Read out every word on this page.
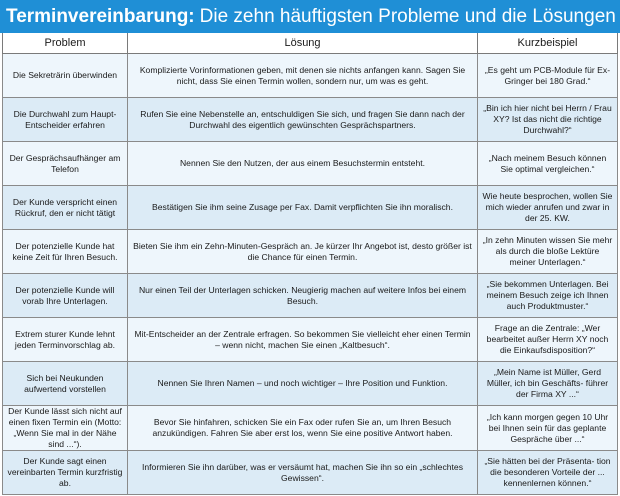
Terminvereinbarung: Die zehn häuftigsten Probleme und die Lösungen
Problem	Lösung	Kurzbeispiel
Die Sekreträrin überwinden	Komplizierte Vorinformationen geben, mit denen sie nichts anfangen kann. Sagen Sie nicht, dass Sie einen Termin wollen, sondern nur, um was es geht.	„Es geht um PCB-Module für Ex-Gringer bei 180 Grad.“
Die Durchwahl zum Haupt-Entscheider erfahren	Rufen Sie eine Nebenstelle an, entschuldigen Sie sich, und fragen Sie dann nach der Durchwahl des eigentlich gewünschten Gesprächspartners.	„Bin ich hier nicht bei Herrn / Frau XY? Ist das nicht die richtige Durchwahl?“
Der Gesprächsaufhänger am Telefon	Nennen Sie den Nutzen, der aus einem Besuchstermin entsteht.	„Nach meinem Besuch können Sie optimal vergleichen.“
Der Kunde verspricht einen Rückruf, den er nicht tätigt	Bestätigen Sie ihm seine Zusage per Fax. Damit verpflichten Sie ihn moralisch.	Wie heute besprochen, wollen Sie mich wieder anrufen und zwar in der 25. KW.
Der potenzielle Kunde hat keine Zeit für Ihren Besuch.	Bieten Sie ihm ein Zehn-Minuten-Gespräch an. Je kürzer Ihr Angebot ist, desto größer ist die Chance für einen Termin.	„In zehn Minuten wissen Sie mehr als durch die bloße Lektüre meiner Unterlagen.“
Der potenzielle Kunde will vorab Ihre Unterlagen.	Nur einen Teil der Unterlagen schicken. Neugierig machen auf weitere Infos bei einem Besuch.	„Sie bekommen Unterlagen. Bei meinem Besuch zeige ich Ihnen auch Produktmuster.“
Extrem sturer Kunde lehnt jeden Terminvorschlag ab.	Mit-Entscheider an der Zentrale erfragen. So bekommen Sie vielleicht eher einen Termin – wenn nicht, machen Sie einen „Kaltbesuch“.	Frage an die Zentrale: „Wer bearbeitet außer Herrn XY noch die Einkaufsdisposition?“
Sich bei Neukunden aufwertend vorstellen	Nennen Sie Ihren Namen – und noch wichtiger – Ihre Position und Funktion.	„Mein Name ist Müller, Gerd Müller, ich bin Geschäfts- führer der Firma XY ...“
Der Kunde lässt sich nicht auf einen fixen Termin ein (Motto: „Wenn Sie mal in der Nähe sind ...“).	Bevor Sie hinfahren, schicken Sie ein Fax oder rufen Sie an, um Ihren Besuch anzukündigen. Fahren Sie aber erst los, wenn Sie eine positive Antwort haben.	„Ich kann morgen gegen 10 Uhr bei Ihnen sein für das geplante Gespräche über ...“
Der Kunde sagt einen vereinbarten Termin kurzfristig ab.	Informieren Sie ihn darüber, was er versäumt hat, machen Sie ihn so ein „schlechtes Gewissen“.	„Sie hätten bei der Präsenta- tion die besonderen Vorteile der ... kennenlernen können.“
